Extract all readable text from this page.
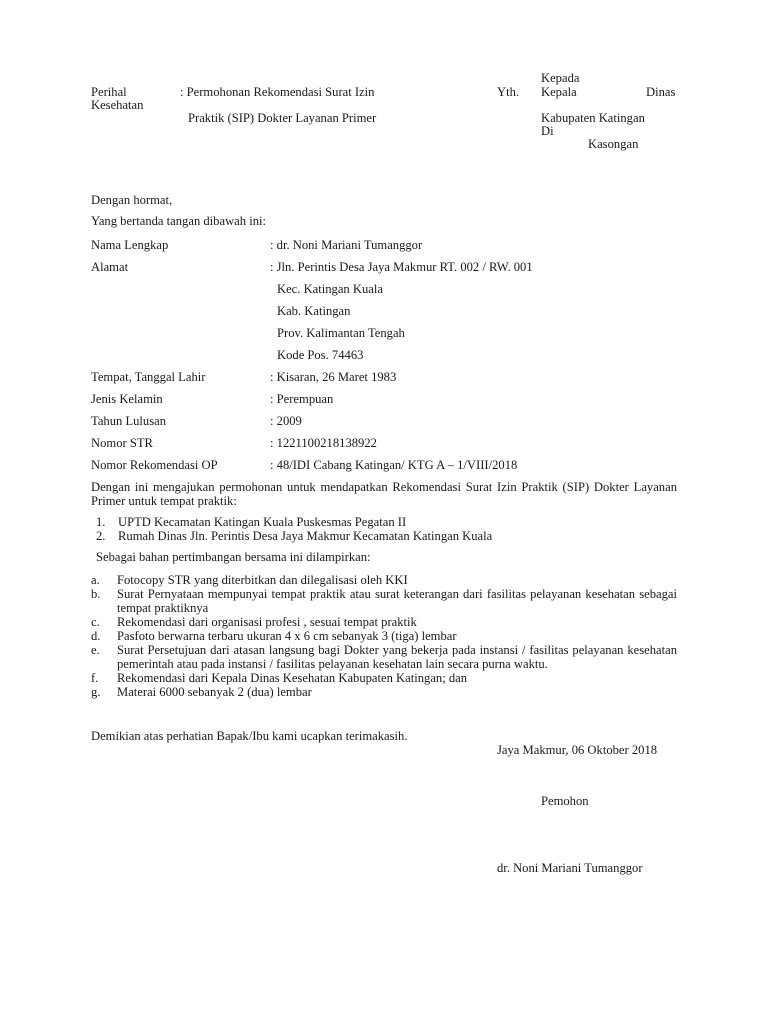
Kepada
Perihal	: Permohonan Rekomendasi Surat Izin	Yth. Kepala	Dinas
Kesehatan
Praktik (SIP) Dokter Layanan Primer	Kabupaten Katingan
Di
Kasongan
Dengan hormat,
Yang bertanda tangan dibawah ini:
Nama Lengkap	: dr. Noni Mariani Tumanggor
Alamat	: Jln. Perintis Desa Jaya Makmur RT. 002 / RW. 001
Kec. Katingan Kuala
Kab. Katingan
Prov. Kalimantan Tengah
Kode Pos. 74463
Tempat, Tanggal Lahir	: Kisaran, 26 Maret 1983
Jenis Kelamin	: Perempuan
Tahun Lulusan	: 2009
Nomor STR	: 1221100218138922
Nomor Rekomendasi OP	: 48/IDI Cabang Katingan/ KTG A – 1/VIII/2018
Dengan ini mengajukan permohonan untuk mendapatkan Rekomendasi Surat Izin Praktik (SIP) Dokter Layanan Primer untuk tempat praktik:
1. UPTD Kecamatan Katingan Kuala Puskesmas Pegatan II
2. Rumah Dinas Jln. Perintis Desa Jaya Makmur Kecamatan Katingan Kuala
Sebagai bahan pertimbangan bersama ini dilampirkan:
a. Fotocopy STR yang diterbitkan dan dilegalisasi oleh KKI
b. Surat Pernyataan mempunyai tempat praktik atau surat keterangan dari fasilitas pelayanan kesehatan sebagai tempat praktiknya
c. Rekomendasi dari organisasi profesi , sesuai tempat praktik
d. Pasfoto berwarna terbaru ukuran 4 x 6 cm sebanyak 3 (tiga) lembar
e. Surat Persetujuan dari atasan langsung bagi Dokter yang bekerja pada instansi / fasilitas pelayanan kesehatan pemerintah atau pada instansi / fasilitas pelayanan kesehatan lain secara purna waktu.
f. Rekomendasi dari Kepala Dinas Kesehatan Kabupaten Katingan; dan
g. Materai 6000 sebanyak 2 (dua) lembar
Demikian atas perhatian Bapak/Ibu kami ucapkan terimakasih.
Jaya Makmur, 06 Oktober 2018
Pemohon
dr. Noni Mariani Tumanggor
